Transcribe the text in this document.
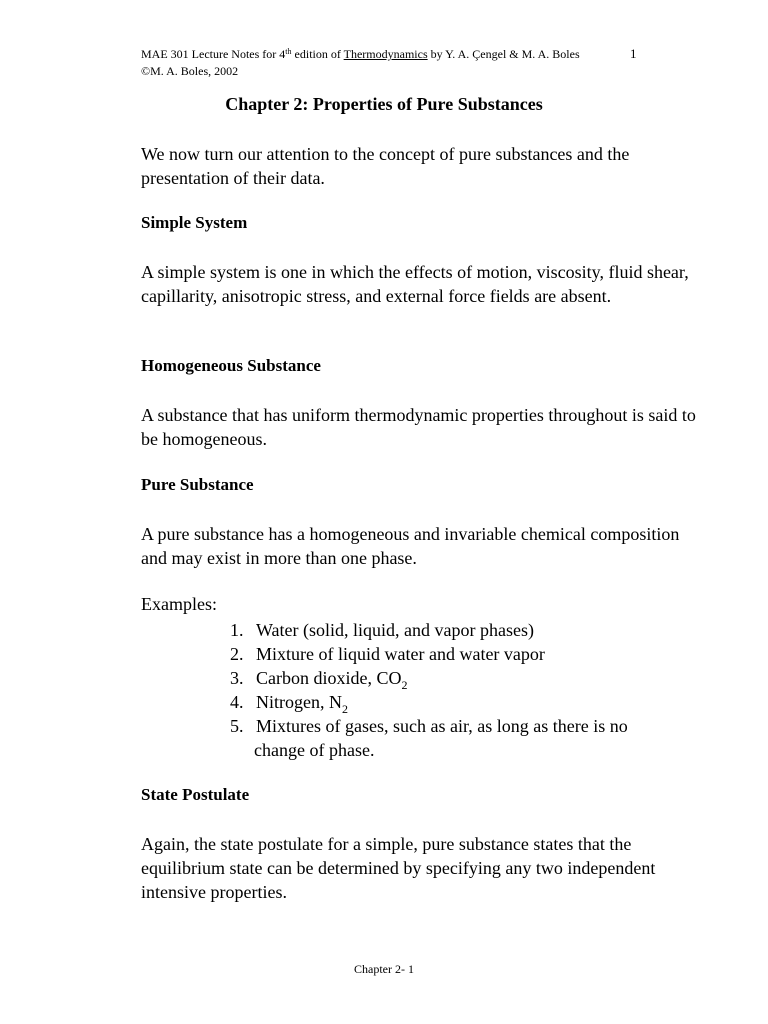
MAE 301 Lecture Notes for 4th edition of Thermodynamics by Y. A. Çengel & M. A. Boles	1
©M. A. Boles, 2002
Chapter 2: Properties of Pure Substances
We now turn our attention to the concept of pure substances and the presentation of their data.
Simple System
A simple system is one in which the effects of motion, viscosity, fluid shear, capillarity, anisotropic stress, and external force fields are absent.
Homogeneous Substance
A substance that has uniform thermodynamic properties throughout is said to be homogeneous.
Pure Substance
A pure substance has a homogeneous and invariable chemical composition and may exist in more than one phase.
Examples:
1. Water (solid, liquid, and vapor phases)
2. Mixture of liquid water and water vapor
3. Carbon dioxide, $CO_2$
4. Nitrogen, $N_2$
5. Mixtures of gases, such as air, as long as there is no
change of phase.
State Postulate
Again, the state postulate for a simple, pure substance states that the equilibrium state can be determined by specifying any two independent intensive properties.
Chapter 2- 1
